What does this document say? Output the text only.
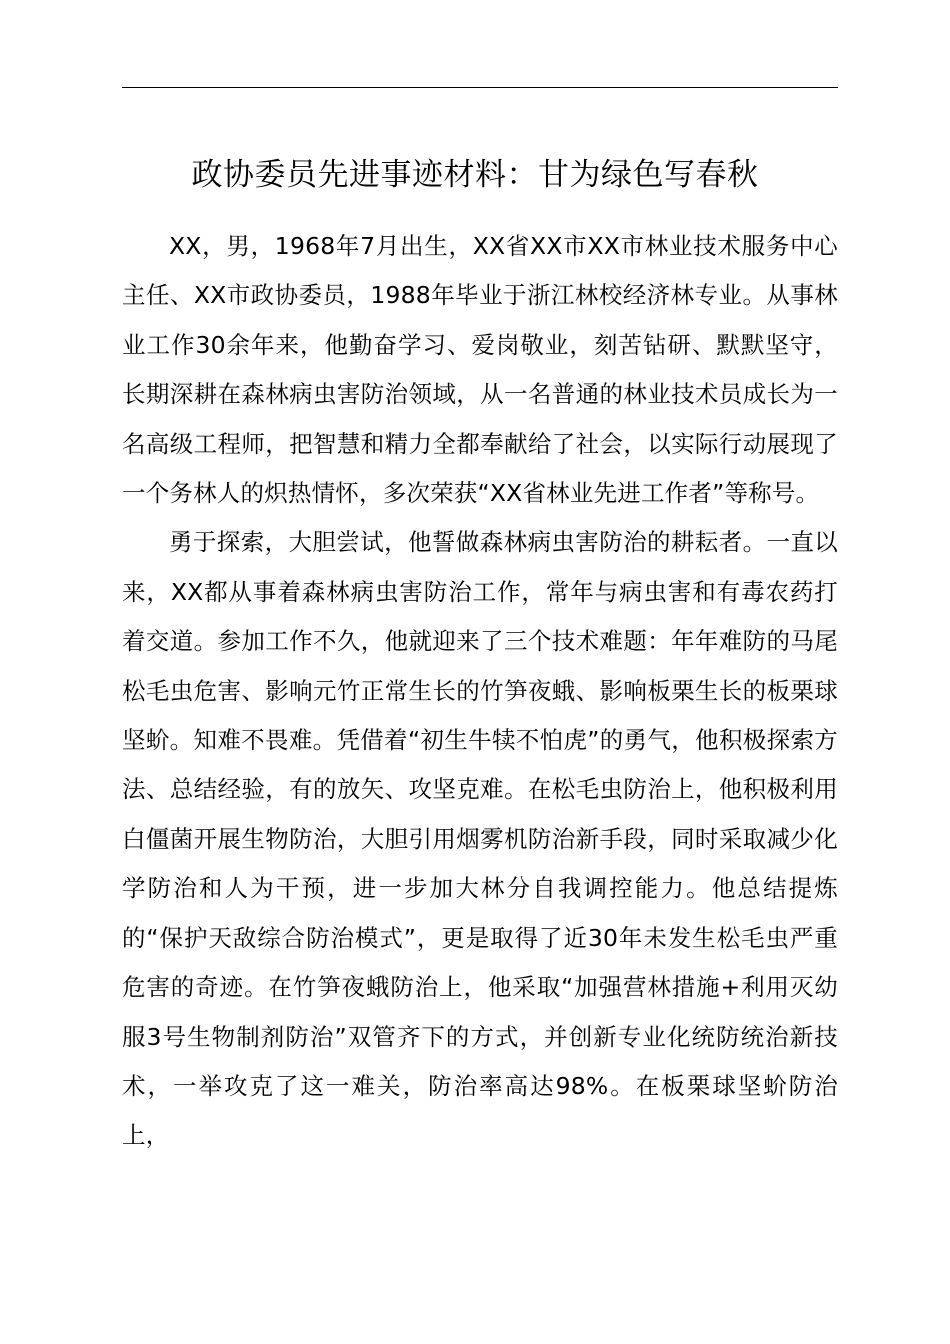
政协委员先进事迹材料：甘为绿色写春秋

XX，男，1968年7月出生，XX省XX市XX市林业技术服务中心主任、XX市政协委员，1988年毕业于浙江林校经济林专业。从事林业工作30余年来，他勤奋学习、爱岗敬业，刻苦钻研、默默坚守，长期深耕在森林病虫害防治领域，从一名普通的林业技术员成长为一名高级工程师，把智慧和精力全都奉献给了社会，以实际行动展现了一个务林人的炽热情怀，多次荣获“XX省林业先进工作者”等称号。

勇于探索，大胆尝试，他誓做森林病虫害防治的耕耘者。一直以来，XX都从事着森林病虫害防治工作，常年与病虫害和有毒农药打着交道。参加工作不久，他就迎来了三个技术难题：年年难防的马尾松毛虫危害、影响元竹正常生长的竹笋夜蛾、影响板栗生长的板栗球坚蚧。知难不畏难。凭借着“初生牛犊不怕虎”的勇气，他积极探索方法、总结经验，有的放矢、攻坚克难。在松毛虫防治上，他积极利用白僵菌开展生物防治，大胆引用烟雾机防治新手段，同时采取减少化学防治和人为干预，进一步加大林分自我调控能力。他总结提炼的“保护天敌综合防治模式”，更是取得了近30年未发生松毛虫严重危害的奇迹。在竹笋夜蛾防治上，他采取“加强营林措施+利用灭幼服3号生物制剂防治”双管齐下的方式，并创新专业化统防统治新技术，一举攻克了这一难关，防治率高达98%。在板栗球坚蚧防治上，
